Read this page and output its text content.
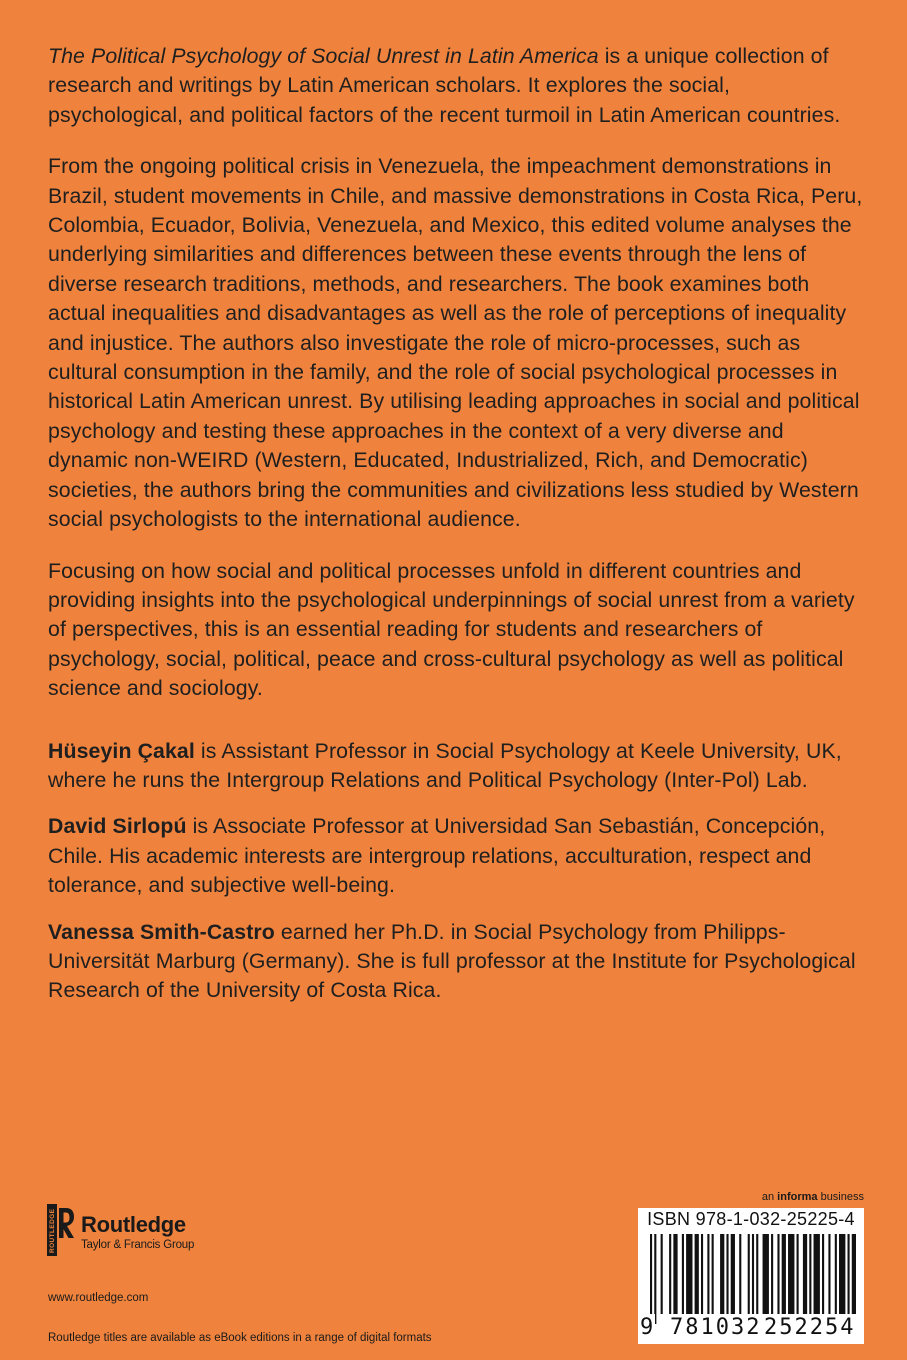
The Political Psychology of Social Unrest in Latin America is a unique collection of research and writings by Latin American scholars. It explores the social, psychological, and political factors of the recent turmoil in Latin American countries.

From the ongoing political crisis in Venezuela, the impeachment demonstrations in Brazil, student movements in Chile, and massive demonstrations in Costa Rica, Peru, Colombia, Ecuador, Bolivia, Venezuela, and Mexico, this edited volume analyses the underlying similarities and differences between these events through the lens of diverse research traditions, methods, and researchers. The book examines both actual inequalities and disadvantages as well as the role of perceptions of inequality and injustice. The authors also investigate the role of micro-processes, such as cultural consumption in the family, and the role of social psychological processes in historical Latin American unrest. By utilising leading approaches in social and political psychology and testing these approaches in the context of a very diverse and dynamic non-WEIRD (Western, Educated, Industrialized, Rich, and Democratic) societies, the authors bring the communities and civilizations less studied by Western social psychologists to the international audience.

Focusing on how social and political processes unfold in different countries and providing insights into the psychological underpinnings of social unrest from a variety of perspectives, this is an essential reading for students and researchers of psychology, social, political, peace and cross-cultural psychology as well as political science and sociology.

Hüseyin Çakal is Assistant Professor in Social Psychology at Keele University, UK, where he runs the Intergroup Relations and Political Psychology (Inter-Pol) Lab.

David Sirlopú is Associate Professor at Universidad San Sebastián, Concepción, Chile. His academic interests are intergroup relations, acculturation, respect and tolerance, and subjective well-being.

Vanessa Smith-Castro earned her Ph.D. in Social Psychology from Philipps-Universität Marburg (Germany). She is full professor at the Institute for Psychological Research of the University of Costa Rica.

ROUTLEDGE Routledge
Taylor & Francis Group
www.routledge.com
Routledge titles are available as eBook editions in a range of digital formats
an informa business
ISBN 978-1-032-25225-4
9 781032 252254
